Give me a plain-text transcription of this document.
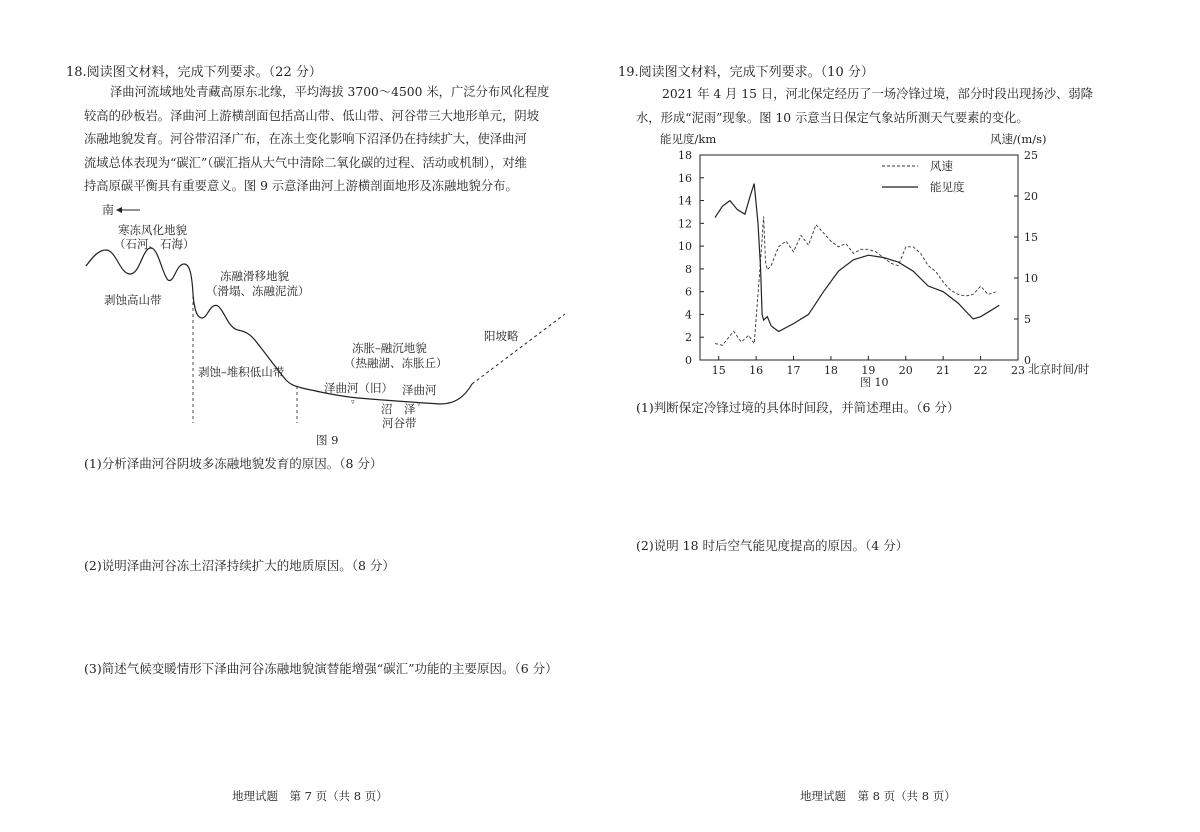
18.阅读图文材料，完成下列要求。（22 分）
泽曲河流域地处青藏高原东北缘，平均海拔 3700～4500 米，广泛分布风化程度
较高的砂板岩。泽曲河上游横剖面包括高山带、低山带、河谷带三大地形单元，阴坡
冻融地貌发育。河谷带沼泽广布，在冻土变化影响下沼泽仍在持续扩大，使泽曲河
流域总体表现为“碳汇”（碳汇指从大气中清除二氧化碳的过程、活动或机制），对维
持高原碳平衡具有重要意义。图 9 示意泽曲河上游横剖面地形及冻融地貌分布。
南
▿	▿
寒冻风化地貌
（石河、石海）
剥蚀高山带
冻融滑移地貌
（滑塌、冻融泥流）
剥蚀–堆积低山带
冻胀–融沉地貌
（热融湖、冻胀丘）
泽曲河（旧） 泽曲河
沼　泽
河谷带
阳坡略
图 9
(1)分析泽曲河谷阴坡多冻融地貌发育的原因。（8 分）
(2)说明泽曲河谷冻土沼泽持续扩大的地质原因。（8 分）
(3)简述气候变暖情形下泽曲河谷冻融地貌演替能增强“碳汇”功能的主要原因。（6 分）
地理试题　第 7 页（共 8 页）
19.阅读图文材料，完成下列要求。（10 分）
2021 年 4 月 15 日，河北保定经历了一场冷锋过境，部分时段出现扬沙、弱降
水，形成“泥雨”现象。图 10 示意当日保定气象站所测天气要素的变化。
能见度/km	风速/(m/s)
0
2
4
6
8
10
12
14
16
18
0
5
10
15
20
25
15 16 17 18 19 20 21 22 23
风速
能见度
北京时间/时
图 10
(1)判断保定冷锋过境的具体时间段，并简述理由。（6 分）
(2)说明 18 时后空气能见度提高的原因。（4 分）
地理试题　第 8 页（共 8 页）
